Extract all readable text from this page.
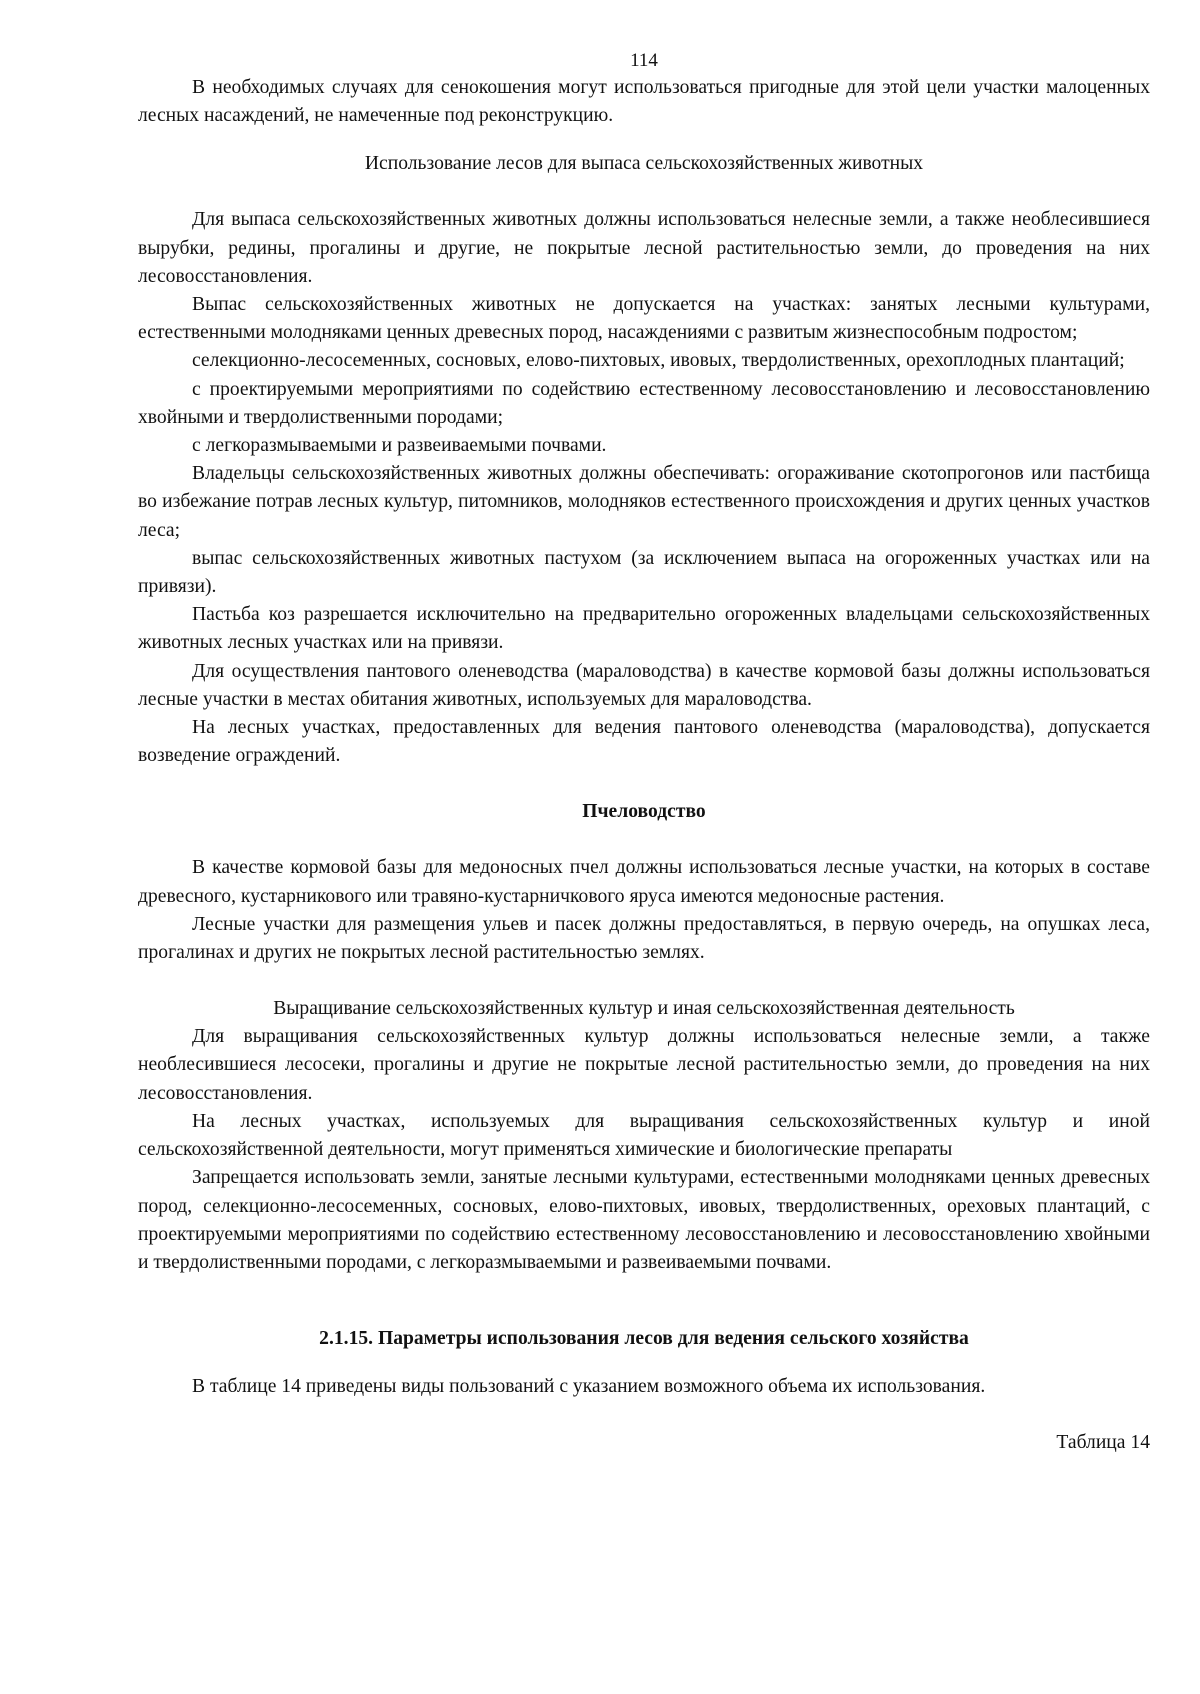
114

В необходимых случаях для сенокошения могут использоваться пригодные для этой цели участки малоценных лесных насаждений, не намеченные под реконструкцию.

Использование лесов для выпаса сельскохозяйственных животных

Для выпаса сельскохозяйственных животных должны использоваться нелесные земли, а также необлесившиеся вырубки, редины, прогалины и другие, не покрытые лесной растительностью земли, до проведения на них лесовосстановления.

Выпас сельскохозяйственных животных не допускается на участках: занятых лесными культурами, естественными молодняками ценных древесных пород, насаждениями с развитым жизнеспособным подростом;

селекционно-лесосеменных, сосновых, елово-пихтовых, ивовых, твердолиственных, орехоплодных плантаций;

с проектируемыми мероприятиями по содействию естественному лесовосстановлению и лесовосстановлению хвойными и твердолиственными породами;

с легкоразмываемыми и развеиваемыми почвами.

Владельцы сельскохозяйственных животных должны обеспечивать: огораживание скотопрогонов или пастбища во избежание потрав лесных культур, питомников, молодняков естественного происхождения и других ценных участков леса;

выпас сельскохозяйственных животных пастухом (за исключением выпаса на огороженных участках или на привязи).

Пастьба коз разрешается исключительно на предварительно огороженных владельцами сельскохозяйственных животных лесных участках или на привязи.

Для осуществления пантового оленеводства (мараловодства) в качестве кормовой базы должны использоваться лесные участки в местах обитания животных, используемых для мараловодства.

На лесных участках, предоставленных для ведения пантового оленеводства (мараловодства), допускается возведение ограждений.

Пчеловодство

В качестве кормовой базы для медоносных пчел должны использоваться лесные участки, на которых в составе древесного, кустарникового или травяно-кустарничкового яруса имеются медоносные растения.

Лесные участки для размещения ульев и пасек должны предоставляться, в первую очередь, на опушках леса, прогалинах и других не покрытых лесной растительностью землях.

Выращивание сельскохозяйственных культур и иная сельскохозяйственная деятельность

Для выращивания сельскохозяйственных культур должны использоваться нелесные земли, а также необлесившиеся лесосеки, прогалины и другие не покрытые лесной растительностью земли, до проведения на них лесовосстановления.

На лесных участках, используемых для выращивания сельскохозяйственных культур и иной сельскохозяйственной деятельности, могут применяться химические и биологические препараты

Запрещается использовать земли, занятые лесными культурами, естественными молодняками ценных древесных пород, селекционно-лесосеменных, сосновых, елово-пихтовых, ивовых, твердолиственных, ореховых плантаций, с проектируемыми мероприятиями по содействию естественному лесовосстановлению и лесовосстановлению хвойными и твердолиственными породами, с легкоразмываемыми и развеиваемыми почвами.

2.1.15. Параметры использования лесов для ведения сельского хозяйства

В таблице 14 приведены виды пользований с указанием возможного объема их использования.

Таблица 14
